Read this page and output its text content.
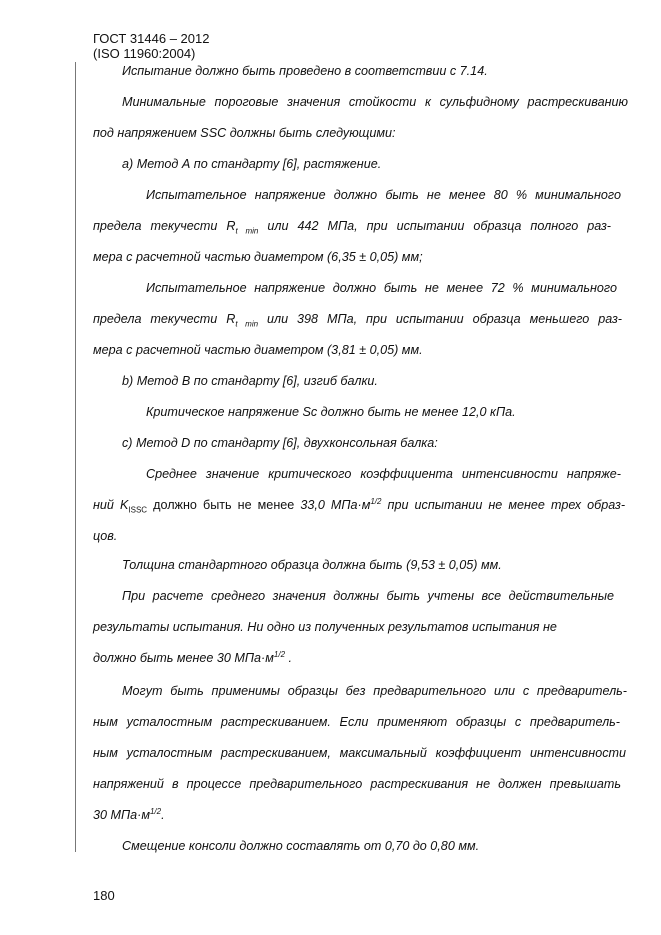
ГОСТ 31446 – 2012
(ISO 11960:2004)
Испытание должно быть проведено в соответствии с 7.14.
Минимальные пороговые значения стойкости к сульфидному растрескиванию
под напряжением SSC должны быть следующими:
а) Метод А по стандарту [6], растяжение.
Испытательное напряжение должно быть не менее 80 % минимального
предела текучести $R_{t min}$ или 442 МПа, при испытании образца полного раз-
мера с расчетной частью диаметром (6,35 ± 0,05) мм;
Испытательное напряжение должно быть не менее 72 % минимального
предела текучести $R_{t min}$ или 398 МПа, при испытании образца меньшего раз-
мера с расчетной частью диаметром (3,81 ± 0,05) мм.
b) Метод В по стандарту [6], изгиб балки.
Критическое напряжение Sc должно быть не менее 12,0 кПа.
c) Метод D по стандарту [6], двухконсольная балка:
Среднее значение критического коэффициента интенсивности напряже-
ний $K_{ISSC}$ должно быть не менее 33,0 $МПа\cdot м^{1/2}$ при испытании не менее трех образ-
цов.
Толщина стандартного образца должна быть (9,53 ± 0,05) мм.
При расчете среднего значения должны быть учтены все действительные
результаты испытания. Ни одно из полученных результатов испытания не
должно быть менее 30 $МПа\cdot м^{1/2}$ .
Могут быть применимы образцы без предварительного или с предваритель-
ным усталостным растрескиванием. Если применяют образцы с предваритель-
ным усталостным растрескиванием, максимальный коэффициент интенсивности
напряжений в процессе предварительного растрескивания не должен превышать
30 $МПа\cdot м^{1/2}$.
Смещение консоли должно составлять от 0,70 до 0,80 мм.
180
